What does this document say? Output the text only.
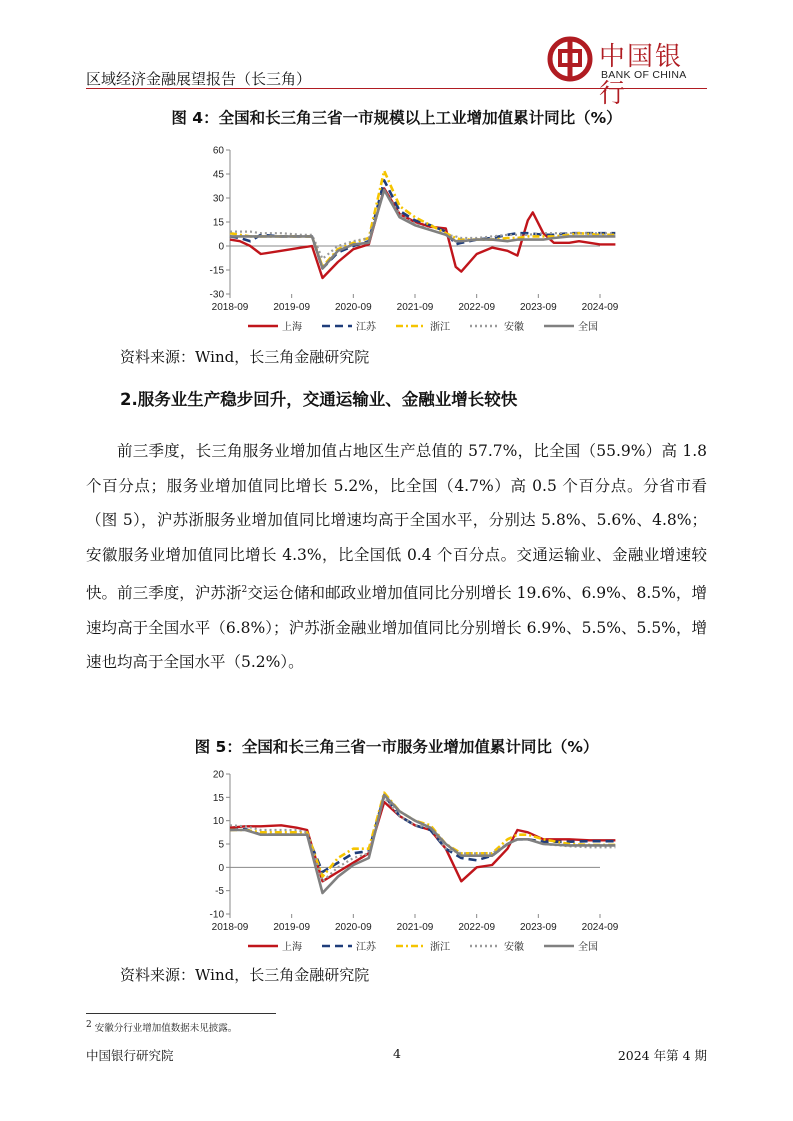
区域经济金融展望报告（长三角）
中国银行
BANK OF CHINA
图 4：全国和长三角三省一市规模以上工业增加值累计同比（%）
-30
-15
0
15
30
45
60
2018-09 2019-09 2020-09 2021-09 2022-09 2023-09 2024-09
上海	江苏	浙江	安徽	全国
资料来源：Wind，长三角金融研究院
2.服务业生产稳步回升，交通运输业、金融业增长较快

前三季度，长三角服务业增加值占地区生产总值的 57.7%，比全国（55.9%）高 1.8 个百分点；服务业增加值同比增长 5.2%，比全国（4.7%）高 0.5 个百分点。分省市看（图 5），沪苏浙服务业增加值同比增速均高于全国水平，分别达 5.8%、5.6%、4.8%；安徽服务业增加值同比增长 4.3%，比全国低 0.4 个百分点。交通运输业、金融业增速较快。前三季度，沪苏浙$^2$交运仓储和邮政业增加值同比分别增长 19.6%、6.9%、8.5%，增速均高于全国水平（6.8%）；沪苏浙金融业增加值同比分别增长 6.9%、5.5%、5.5%，增速也均高于全国水平（5.2%）。

图 5：全国和长三角三省一市服务业增加值累计同比（%）
-10
-5
0
5
10
15
20
2018-09 2019-09 2020-09 2021-09 2022-09 2023-09 2024-09
上海	江苏	浙江	安徽	全国
资料来源：Wind，长三角金融研究院
$^2$ 安徽分行业增加值数据未见披露。
中国银行研究院	4	2024 年第 4 期
